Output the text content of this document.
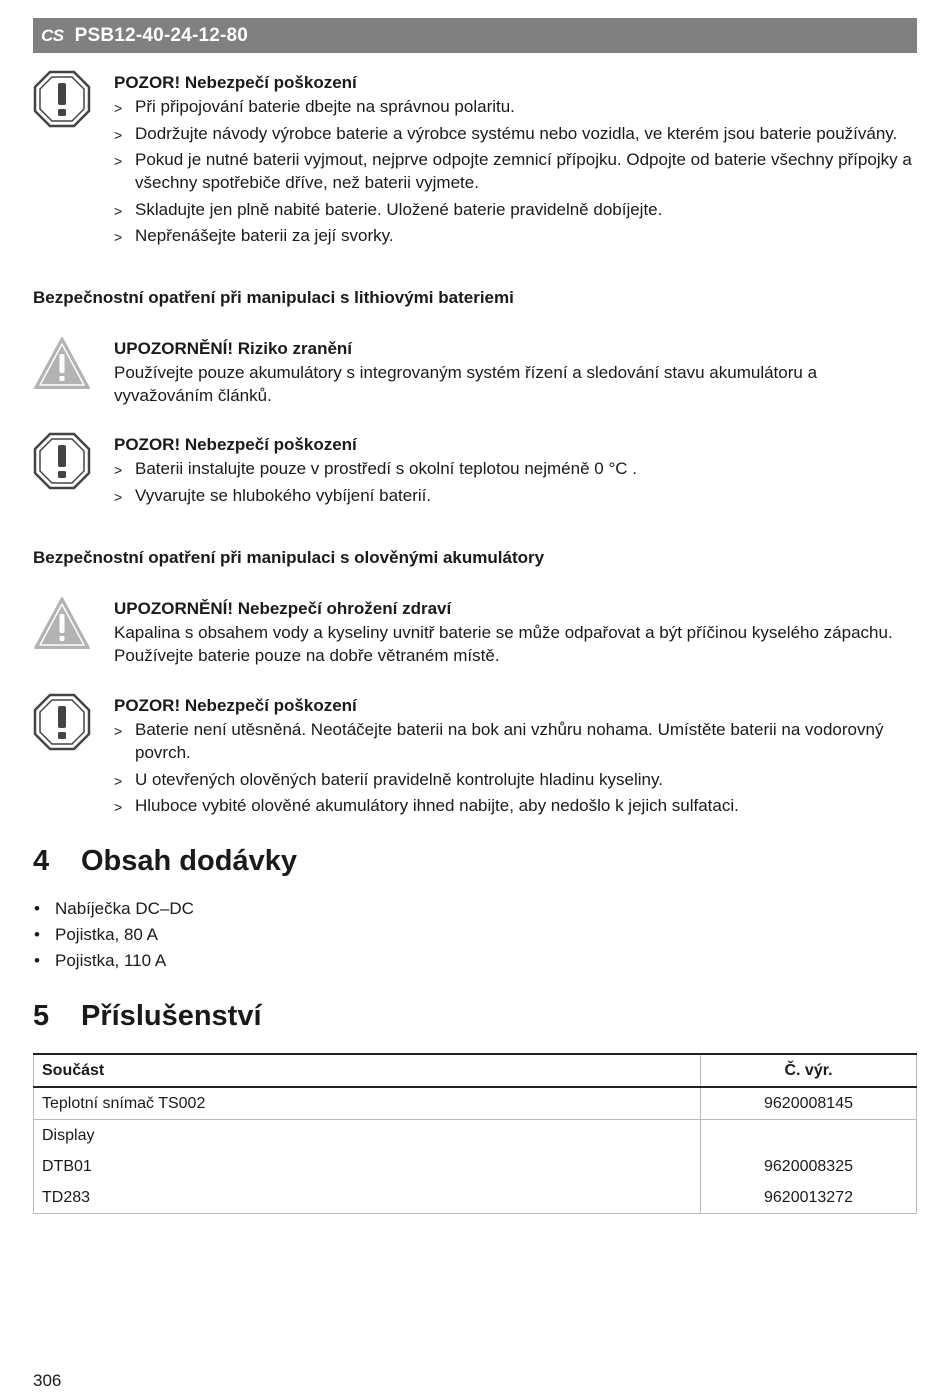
CS PSB12-40-24-12-80
POZOR! Nebezpečí poškození
> Při připojování baterie dbejte na správnou polaritu.
> Dodržujte návody výrobce baterie a výrobce systému nebo vozidla, ve kterém jsou baterie používány.
> Pokud je nutné baterii vyjmout, nejprve odpojte zemnicí přípojku. Odpojte od baterie všechny přípojky a všechny spotřebiče dříve, než baterii vyjmete.
> Skladujte jen plně nabité baterie. Uložené baterie pravidelně dobíjejte.
> Nepřenášejte baterii za její svorky.
Bezpečnostní opatření při manipulaci s lithiovými bateriemi
UPOZORNĚNÍ! Riziko zranění
Používejte pouze akumulátory s integrovaným systém řízení a sledování stavu akumulátoru a vyvažováním článků.
POZOR! Nebezpečí poškození
> Baterii instalujte pouze v prostředí s okolní teplotou nejméně 0 °C .
> Vyvarujte se hlubokého vybíjení baterií.
Bezpečnostní opatření při manipulaci s olověnými akumulátory
UPOZORNĚNÍ! Nebezpečí ohrožení zdraví
Kapalina s obsahem vody a kyseliny uvnitř baterie se může odpařovat a být příčinou kyselého zápachu. Používejte baterie pouze na dobře větraném místě.
POZOR! Nebezpečí poškození
> Baterie není utěsněná. Neotáčejte baterii na bok ani vzhůru nohama. Umístěte baterii na vodorovný povrch.
> U otevřených olověných baterií pravidelně kontrolujte hladinu kyseliny.
> Hluboce vybité olověné akumulátory ihned nabijte, aby nedošlo k jejich sulfataci.
4 Obsah dodávky
• Nabíječka DC–DC
• Pojistka, 80 A
• Pojistka, 110 A
5 Příslušenství
Součást	Č. výr.
Teplotní snímač TS002	9620008145
Display	
DTB01	9620008325
TD283	9620013272
306
